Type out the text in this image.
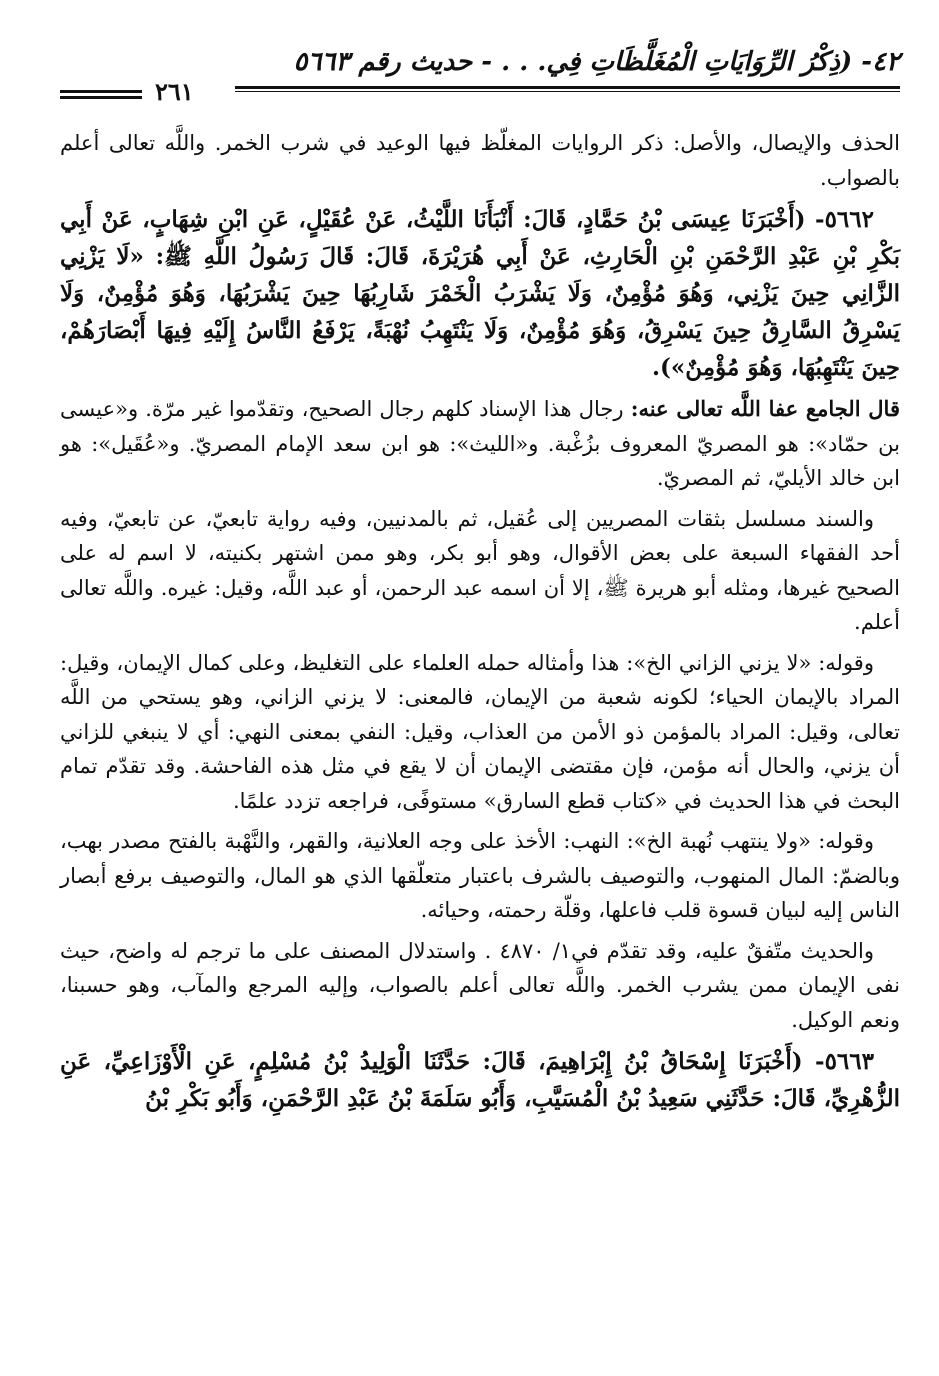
٤٢- (ذِكْرُ الرِّوَايَاتِ الْمُغَلَّظَاتِ فِي. . . - حديث رقم ٥٦٦٣
٢٦١

الحذف والإيصال، والأصل: ذكر الروايات المغلّظ فيها الوعيد في شرب الخمر. واللَّه تعالى أعلم بالصواب.

٥٦٦٢- (أَخْبَرَنَا عِيسَى بْنُ حَمَّادٍ، قَالَ: أَنْبَأَنَا اللَّيْثُ، عَنْ عُقَيْلٍ، عَنِ ابْنِ شِهَابٍ، عَنْ أَبِي بَكْرِ بْنِ عَبْدِ الرَّحْمَنِ بْنِ الْحَارِثِ، عَنْ أَبِي هُرَيْرَةَ، قَالَ: قَالَ رَسُولُ اللَّهِ ﷺ: «لَا يَزْنِي الزَّانِي حِينَ يَزْنِي، وَهُوَ مُؤْمِنٌ، وَلَا يَشْرَبُ الْخَمْرَ شَارِبُهَا حِينَ يَشْرَبُهَا، وَهُوَ مُؤْمِنٌ، وَلَا يَسْرِقُ السَّارِقُ حِينَ يَسْرِقُ، وَهُوَ مُؤْمِنٌ، وَلَا يَنْتَهِبُ نُهْبَةً، يَرْفَعُ النَّاسُ إِلَيْهِ فِيهَا أَبْصَارَهُمْ، حِينَ يَنْتَهِبُهَا، وَهُوَ مُؤْمِنٌ»).

قال الجامع عفا اللَّه تعالى عنه: رجال هذا الإسناد كلهم رجال الصحيح، وتقدّموا غير مرّة. و«عيسى بن حمّاد»: هو المصريّ المعروف بزُغْبة. و«الليث»: هو ابن سعد الإمام المصريّ. و«عُقَيل»: هو ابن خالد الأيليّ، ثم المصريّ.

والسند مسلسل بثقات المصريين إلى عُقيل، ثم بالمدنيين، وفيه رواية تابعيّ، عن تابعيّ، وفيه أحد الفقهاء السبعة على بعض الأقوال، وهو أبو بكر، وهو ممن اشتهر بكنيته، لا اسم له على الصحيح غيرها، ومثله أبو هريرة ﷺ، إلا أن اسمه عبد الرحمن، أو عبد اللَّه، وقيل: غيره. واللَّه تعالى أعلم.

وقوله: «لا يزني الزاني الخ»: هذا وأمثاله حمله العلماء على التغليظ، وعلى كمال الإيمان، وقيل: المراد بالإيمان الحياء؛ لكونه شعبة من الإيمان، فالمعنى: لا يزني الزاني، وهو يستحي من اللَّه تعالى، وقيل: المراد بالمؤمن ذو الأمن من العذاب، وقيل: النفي بمعنى النهي: أي لا ينبغي للزاني أن يزني، والحال أنه مؤمن، فإن مقتضى الإيمان أن لا يقع في مثل هذه الفاحشة. وقد تقدّم تمام البحث في هذا الحديث في «كتاب قطع السارق» مستوفًى، فراجعه تزدد علمًا.

وقوله: «ولا ينتهب نُهبة الخ»: النهب: الأخذ على وجه العلانية، والقهر، والنَّهْبة بالفتح مصدر بهب، وبالضمّ: المال المنهوب، والتوصيف بالشرف باعتبار متعلّقها الذي هو المال، والتوصيف برفع أبصار الناس إليه لبيان قسوة قلب فاعلها، وقلّة رحمته، وحيائه.

والحديث متّفقٌ عليه، وقد تقدّم في١/ ٤٨٧٠ . واستدلال المصنف على ما ترجم له واضح، حيث نفى الإيمان ممن يشرب الخمر. واللَّه تعالى أعلم بالصواب، وإليه المرجع والمآب، وهو حسبنا، ونعم الوكيل.

٥٦٦٣- (أَخْبَرَنَا إِسْحَاقُ بْنُ إِبْرَاهِيمَ، قَالَ: حَدَّثَنَا الْوَلِيدُ بْنُ مُسْلِمٍ، عَنِ الْأَوْزَاعِيِّ، عَنِ الزُّهْرِيِّ، قَالَ: حَدَّثَنِي سَعِيدُ بْنُ الْمُسَيَّبِ، وَأَبُو سَلَمَةَ بْنُ عَبْدِ الرَّحْمَنِ، وَأَبُو بَكْرِ بْنُ
